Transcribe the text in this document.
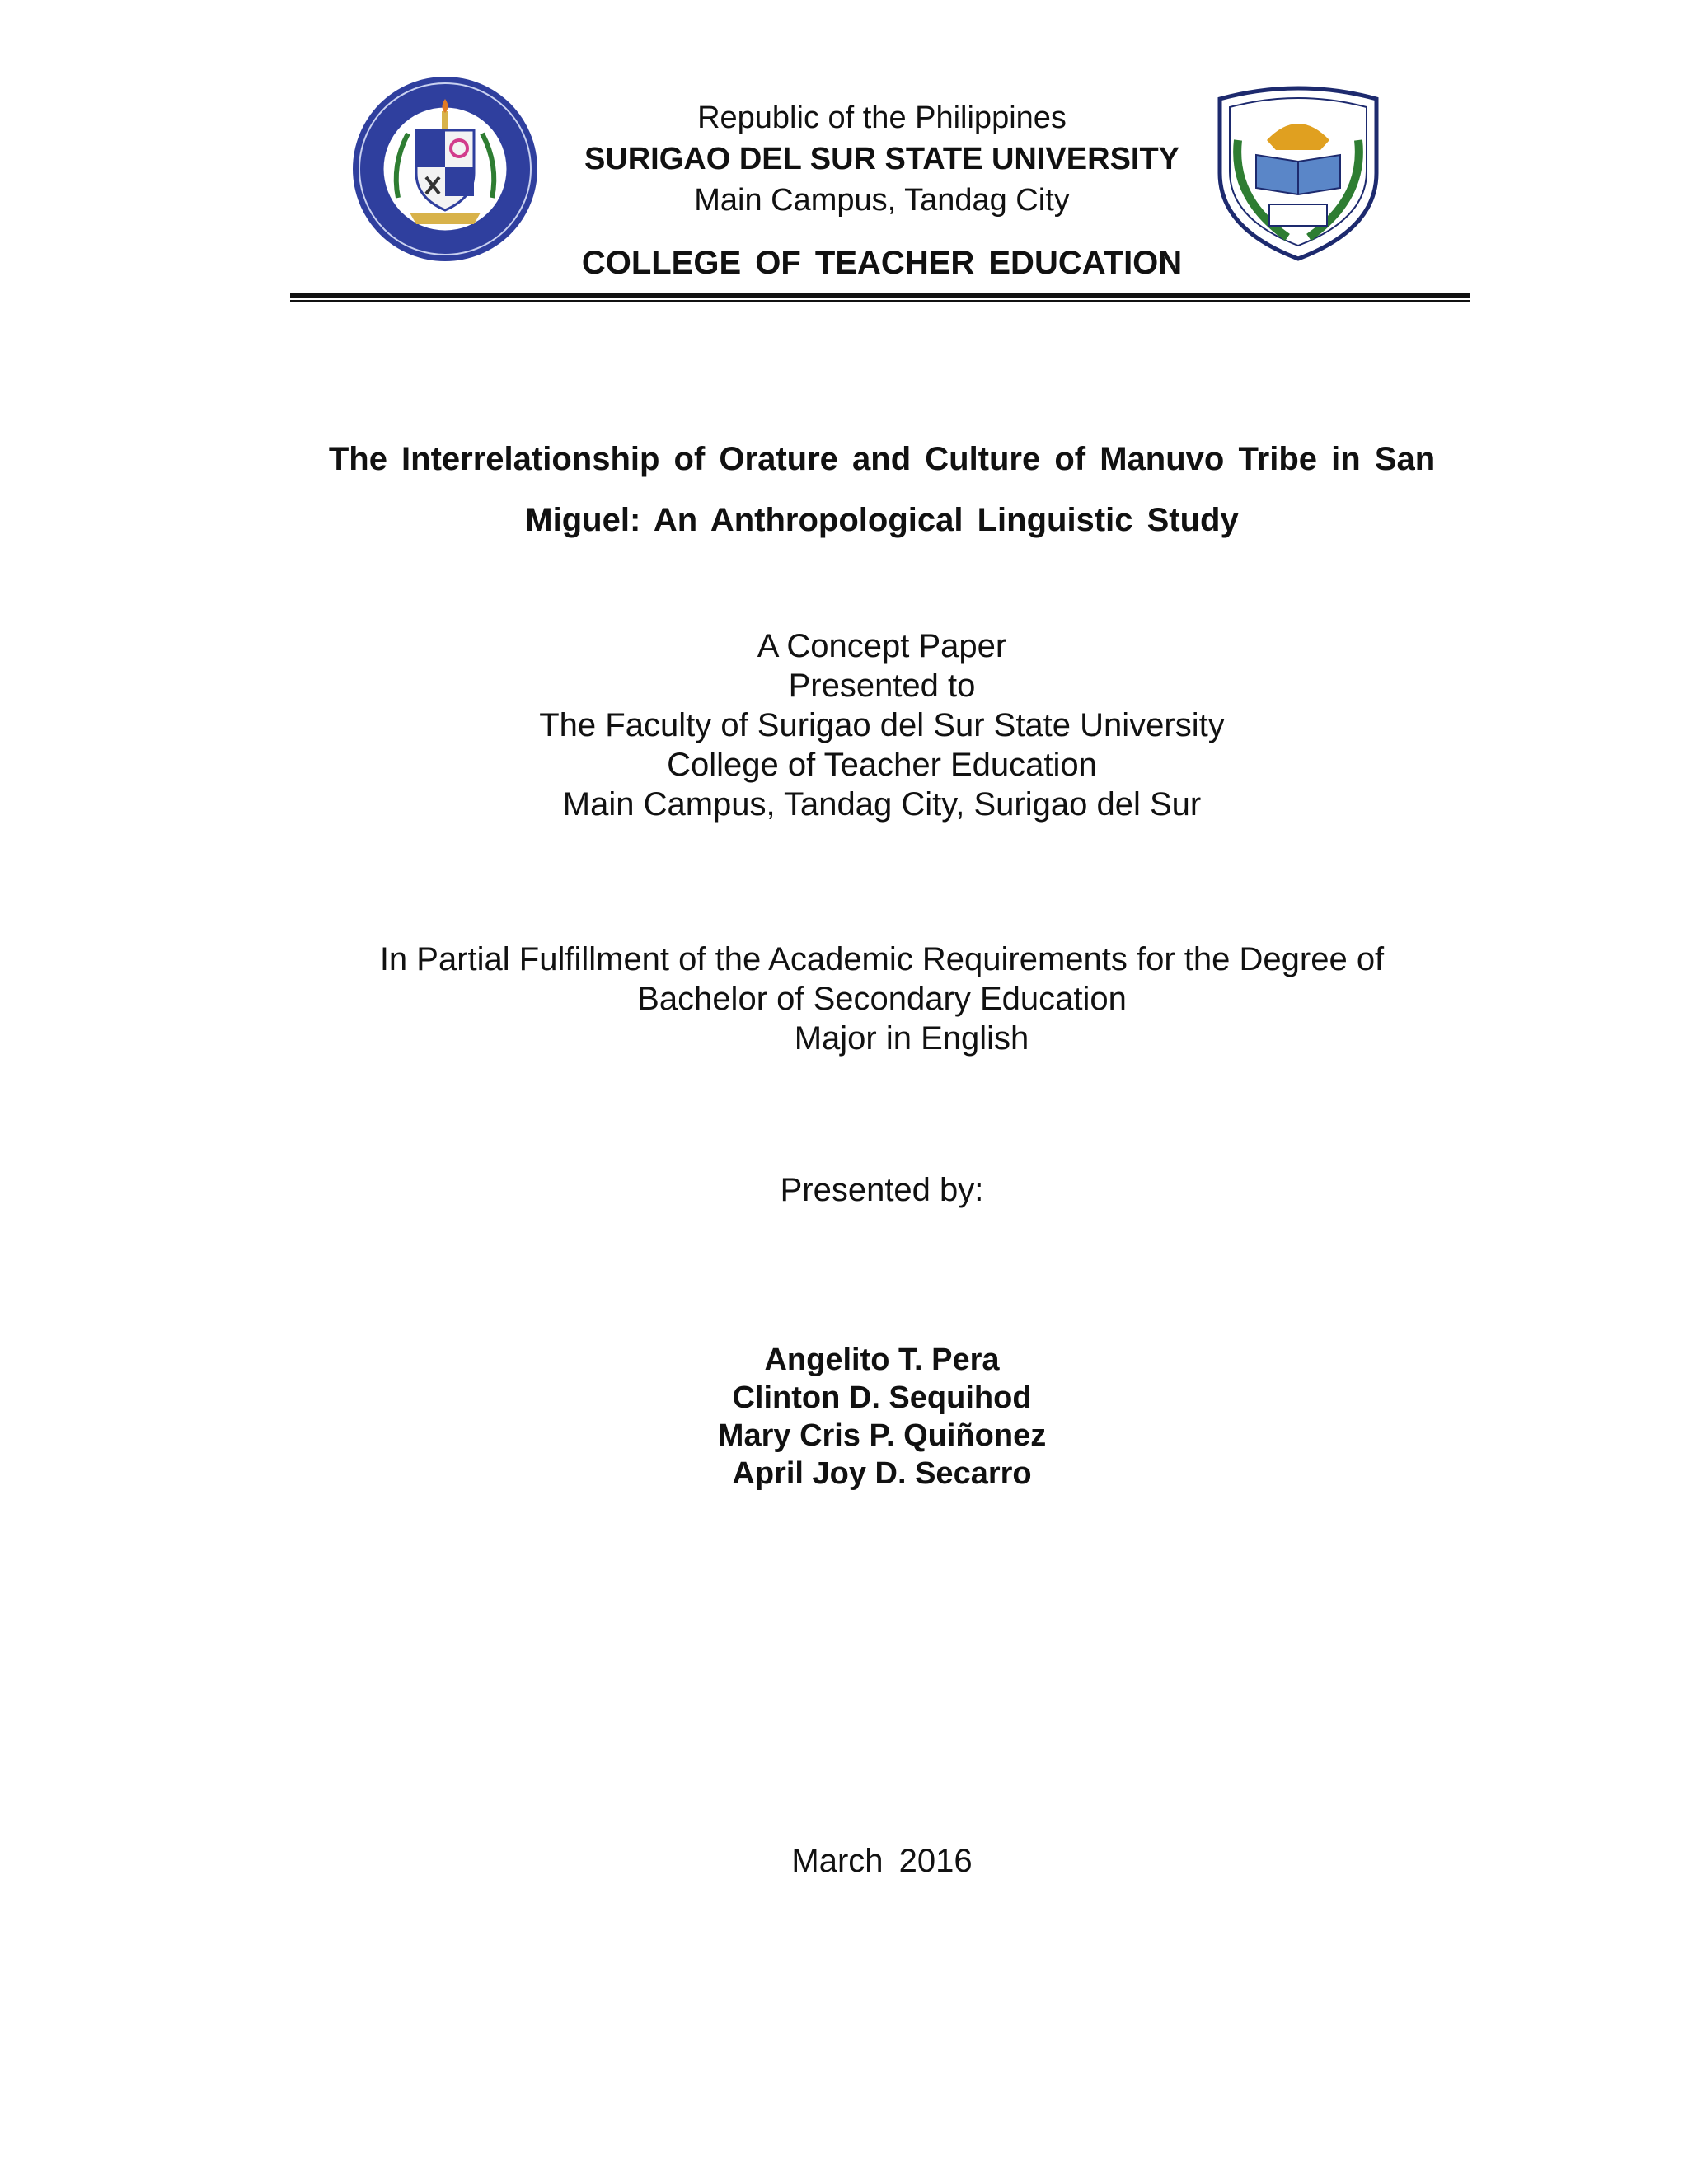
Republic of the Philippines
SURIGAO DEL SUR STATE UNIVERSITY
Main Campus, Tandag City
COLLEGE OF TEACHER EDUCATION
The Interrelationship of Orature and Culture of Manuvo Tribe in San
Miguel: An Anthropological Linguistic Study
A Concept Paper
Presented to
The Faculty of Surigao del Sur State University
College of Teacher Education
Main Campus, Tandag City, Surigao del Sur
In Partial Fulfillment of the Academic Requirements for the Degree of
Bachelor of Secondary Education
Major in English
Presented by:
Angelito T. Pera
Clinton D. Sequihod
Mary Cris P. Quiñonez
April Joy D. Secarro
March 2016
